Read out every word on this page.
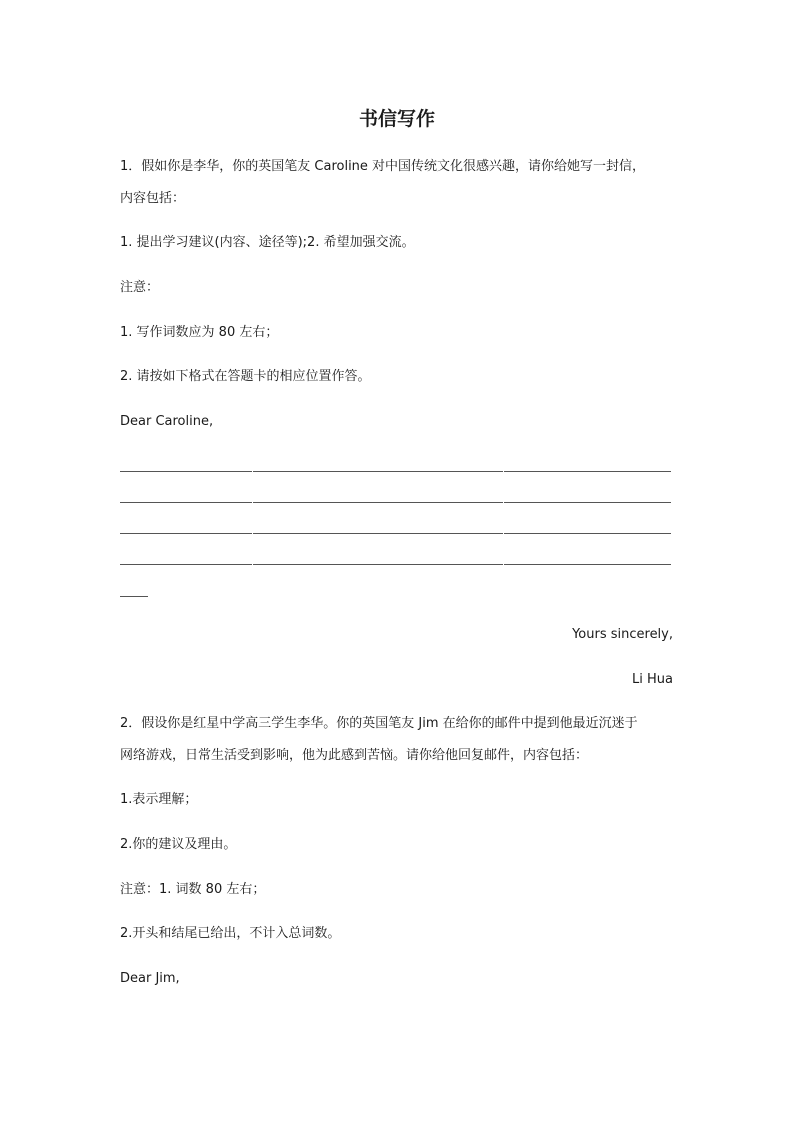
书信写作
1．假如你是李华，你的英国笔友 Caroline 对中国传统文化很感兴趣，请你给她写一封信，
内容包括：
1. 提出学习建议(内容、途径等);2. 希望加强交流。
注意：
1. 写作词数应为 80 左右；
2. 请按如下格式在答题卡的相应位置作答。
Dear Caroline,
Yours sincerely,
Li Hua
2．假设你是红星中学高三学生李华。你的英国笔友 Jim 在给你的邮件中提到他最近沉迷于
网络游戏，日常生活受到影响，他为此感到苦恼。请你给他回复邮件，内容包括：
1.表示理解；
2.你的建议及理由。
注意：1. 词数 80 左右；
2.开头和结尾已给出，不计入总词数。
Dear Jim,
